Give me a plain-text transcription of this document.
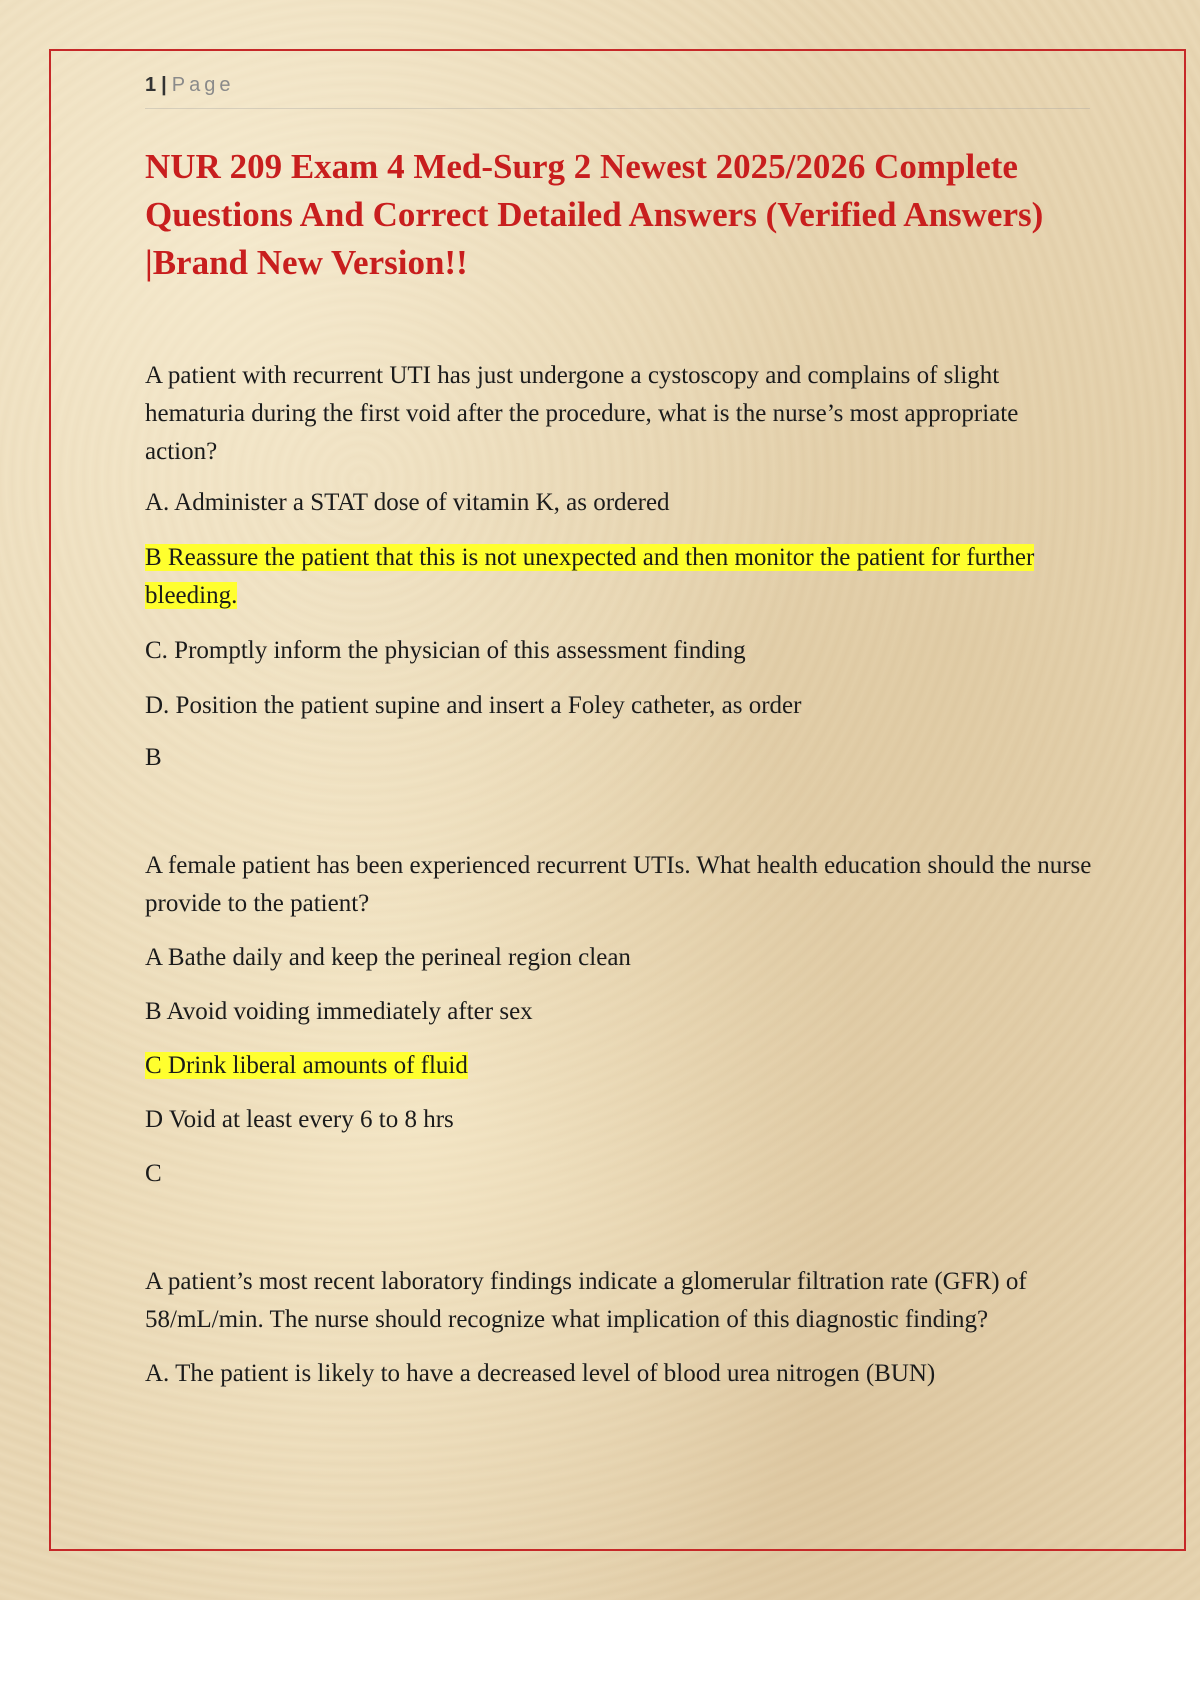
1 | Page
NUR 209 Exam 4 Med-Surg 2 Newest 2025/2026 Complete Questions And Correct Detailed Answers (Verified Answers) |Brand New Version!!

A patient with recurrent UTI has just undergone a cystoscopy and complains of slight hematuria during the first void after the procedure, what is the nurse’s most appropriate action?

A. Administer a STAT dose of vitamin K, as ordered

B Reassure the patient that this is not unexpected and then monitor the patient for further bleeding.

C. Promptly inform the physician of this assessment finding

D. Position the patient supine and insert a Foley catheter, as order

B

A female patient has been experienced recurrent UTIs. What health education should the nurse provide to the patient?

A Bathe daily and keep the perineal region clean

B Avoid voiding immediately after sex

C Drink liberal amounts of fluid

D Void at least every 6 to 8 hrs

C

A patient’s most recent laboratory findings indicate a glomerular filtration rate (GFR) of 58/mL/min. The nurse should recognize what implication of this diagnostic finding?

A. The patient is likely to have a decreased level of blood urea nitrogen (BUN)
